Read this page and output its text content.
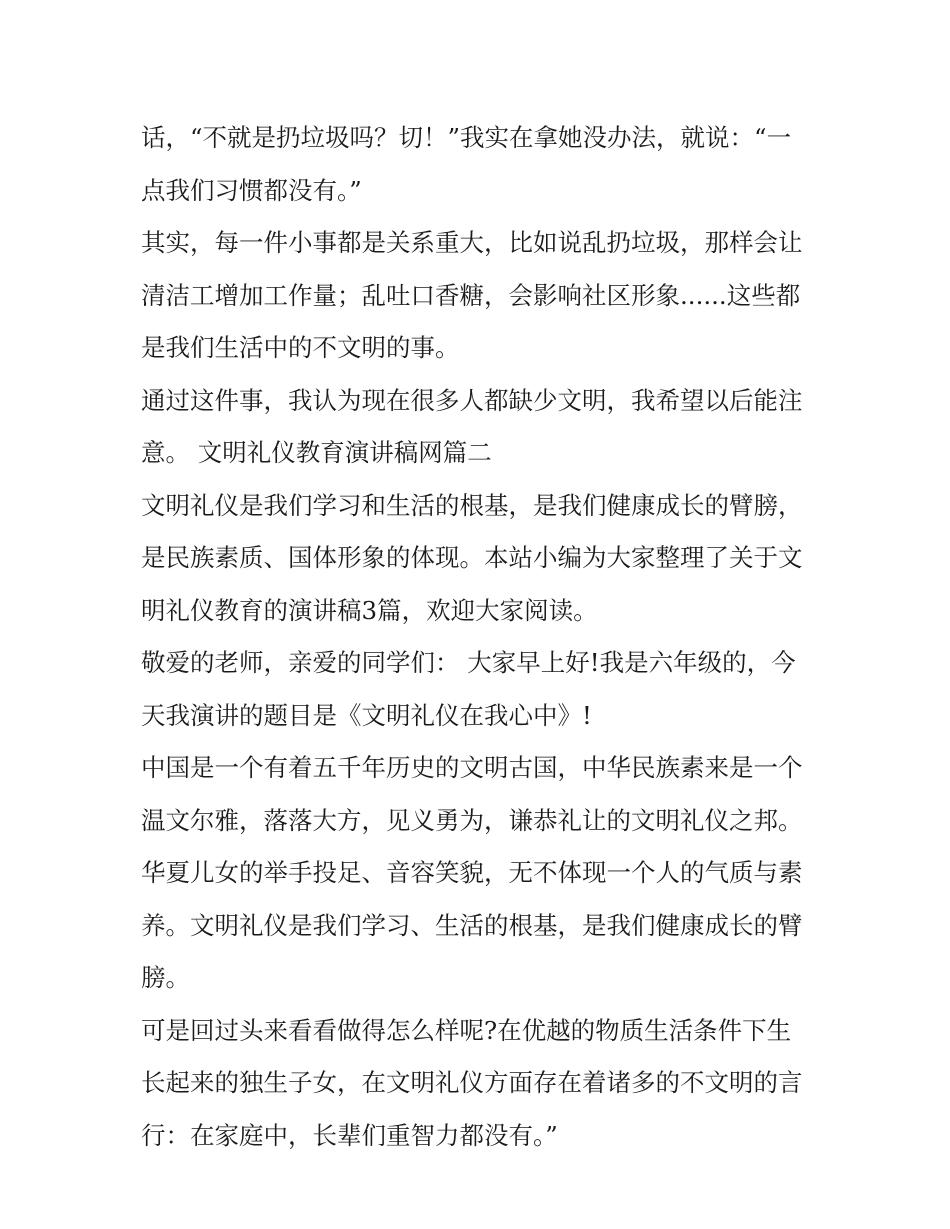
话，“不就是扔垃圾吗？切！”我实在拿她没办法，就说：“一
点我们习惯都没有。”
其实，每一件小事都是关系重大，比如说乱扔垃圾，那样会让
清洁工增加工作量；乱吐口香糖，会影响社区形象......这些都
是我们生活中的不文明的事。
通过这件事，我认为现在很多人都缺少文明，我希望以后能注
意。 文明礼仪教育演讲稿网篇二
文明礼仪是我们学习和生活的根基，是我们健康成长的臂膀，
是民族素质、国体形象的体现。本站小编为大家整理了关于文
明礼仪教育的演讲稿3篇，欢迎大家阅读。
敬爱的老师，亲爱的同学们： 大家早上好!我是六年级的，今
天我演讲的题目是《文明礼仪在我心中》!
中国是一个有着五千年历史的文明古国，中华民族素来是一个
温文尔雅，落落大方，见义勇为，谦恭礼让的文明礼仪之邦。
华夏儿女的举手投足、音容笑貌，无不体现一个人的气质与素
养。文明礼仪是我们学习、生活的根基，是我们健康成长的臂
膀。
可是回过头来看看做得怎么样呢?在优越的物质生活条件下生
长起来的独生子女，在文明礼仪方面存在着诸多的不文明的言
行：在家庭中，长辈们重智力都没有。”
